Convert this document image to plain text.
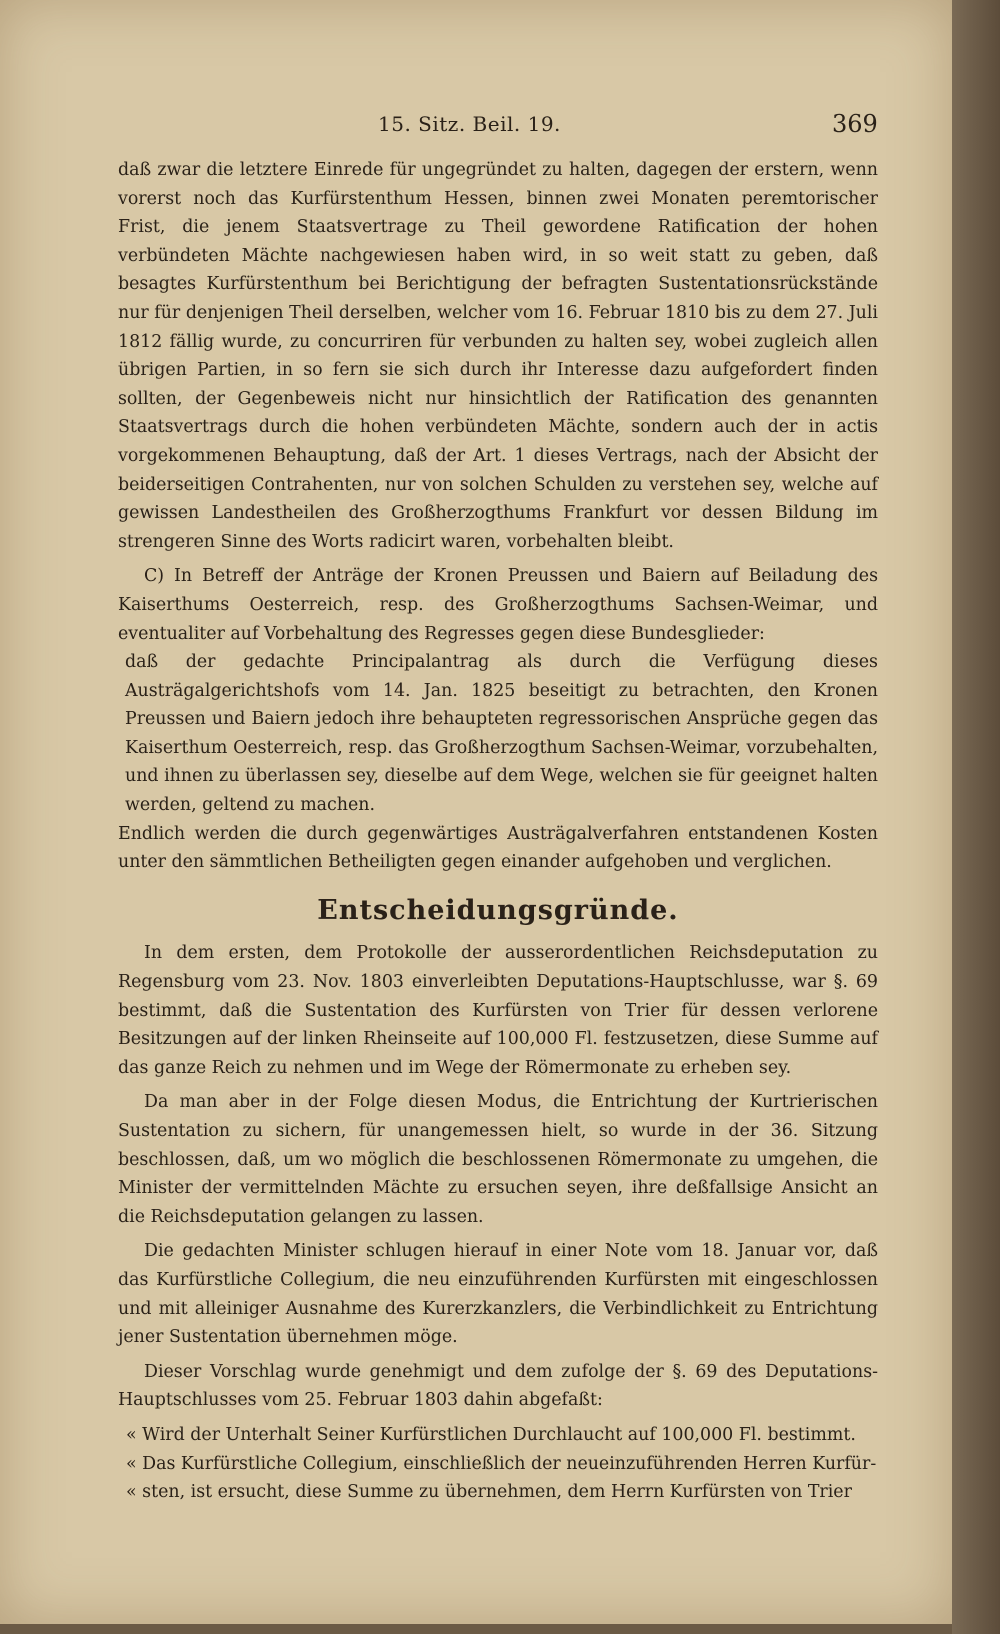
15. Sitz. Beil. 19.	369

daß zwar die letztere Einrede für ungegründet zu halten, dagegen der erstern, wenn vorerst noch das Kurfürstenthum Hessen, binnen zwei Monaten peremtorischer Frist, die jenem Staatsvertrage zu Theil gewordene Ratification der hohen verbündeten Mächte nachgewiesen haben wird, in so weit statt zu geben, daß besagtes Kurfürstenthum bei Berichtigung der befragten Sustentationsrückstände nur für denjenigen Theil derselben, welcher vom 16. Februar 1810 bis zu dem 27. Juli 1812 fällig wurde, zu concurriren für verbunden zu halten sey, wobei zugleich allen übrigen Partien, in so fern sie sich durch ihr Interesse dazu aufgefordert finden sollten, der Gegenbeweis nicht nur hinsichtlich der Ratification des genannten Staatsvertrags durch die hohen verbündeten Mächte, sondern auch der in actis vorgekommenen Behauptung, daß der Art. 1 dieses Vertrags, nach der Absicht der beiderseitigen Contrahenten, nur von solchen Schulden zu verstehen sey, welche auf gewissen Landestheilen des Großherzogthums Frankfurt vor dessen Bildung im strengeren Sinne des Worts radicirt waren, vorbehalten bleibt.

C) In Betreff der Anträge der Kronen Preussen und Baiern auf Beiladung des Kaiserthums Oesterreich, resp. des Großherzogthums Sachsen-Weimar, und eventualiter auf Vorbehaltung des Regresses gegen diese Bundesglieder:

daß der gedachte Principalantrag als durch die Verfügung dieses Austrägalgerichtshofs vom 14. Jan. 1825 beseitigt zu betrachten, den Kronen Preussen und Baiern jedoch ihre behaupteten regressorischen Ansprüche gegen das Kaiserthum Oesterreich, resp. das Großherzogthum Sachsen-Weimar, vorzubehalten, und ihnen zu überlassen sey, dieselbe auf dem Wege, welchen sie für geeignet halten werden, geltend zu machen.

Endlich werden die durch gegenwärtiges Austrägalverfahren entstandenen Kosten unter den sämmtlichen Betheiligten gegen einander aufgehoben und verglichen.

Entscheidungsgründe.

In dem ersten, dem Protokolle der ausserordentlichen Reichsdeputation zu Regensburg vom 23. Nov. 1803 einverleibten Deputations-Hauptschlusse, war §. 69 bestimmt, daß die Sustentation des Kurfürsten von Trier für dessen verlorene Besitzungen auf der linken Rheinseite auf 100,000 Fl. festzusetzen, diese Summe auf das ganze Reich zu nehmen und im Wege der Römermonate zu erheben sey.

Da man aber in der Folge diesen Modus, die Entrichtung der Kurtrierischen Sustentation zu sichern, für unangemessen hielt, so wurde in der 36. Sitzung beschlossen, daß, um wo möglich die beschlossenen Römermonate zu umgehen, die Minister der vermittelnden Mächte zu ersuchen seyen, ihre deßfallsige Ansicht an die Reichsdeputation gelangen zu lassen.

Die gedachten Minister schlugen hierauf in einer Note vom 18. Januar vor, daß das Kurfürstliche Collegium, die neu einzuführenden Kurfürsten mit eingeschlossen und mit alleiniger Ausnahme des Kurerzkanzlers, die Verbindlichkeit zu Entrichtung jener Sustentation übernehmen möge.

Dieser Vorschlag wurde genehmigt und dem zufolge der §. 69 des Deputations-Hauptschlusses vom 25. Februar 1803 dahin abgefaßt:

« Wird der Unterhalt Seiner Kurfürstlichen Durchlaucht auf 100,000 Fl. bestimmt.
« Das Kurfürstliche Collegium, einschließlich der neueinzuführenden Herren Kurfür-
« sten, ist ersucht, diese Summe zu übernehmen, dem Herrn Kurfürsten von Trier
